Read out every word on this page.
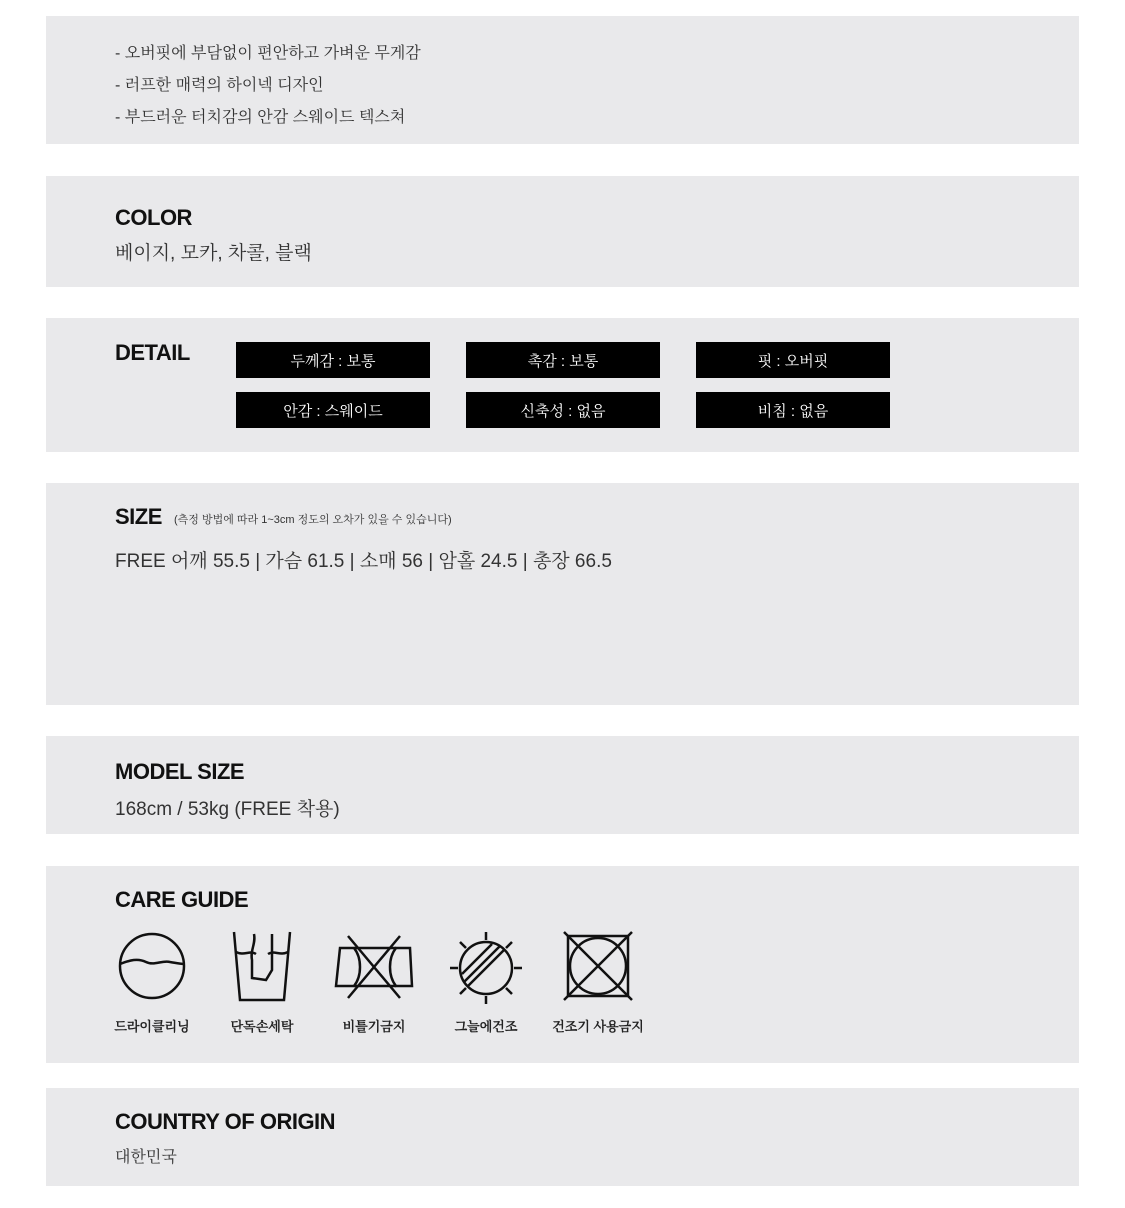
- 오버핏에 부담없이 편안하고 가벼운 무게감
- 러프한 매력의 하이넥 디자인
- 부드러운 터치감의 안감 스웨이드 텍스쳐
COLOR
베이지, 모카, 차콜, 블랙
DETAIL	두께감 : 보통	촉감 : 보통	핏 : 오버핏
안감 : 스웨이드	신축성 : 없음	비침 : 없음
SIZE (측정 방법에 따라 1~3cm 정도의 오차가 있을 수 있습니다)
FREE 어깨 55.5 | 가슴 61.5 | 소매 56 | 암홀 24.5 | 총장 66.5
MODEL SIZE
168cm / 53kg (FREE 착용)
CARE GUIDE
드라이클리닝	단독손세탁	비틀기금지	그늘에건조	건조기 사용금지
COUNTRY OF ORIGIN
대한민국
